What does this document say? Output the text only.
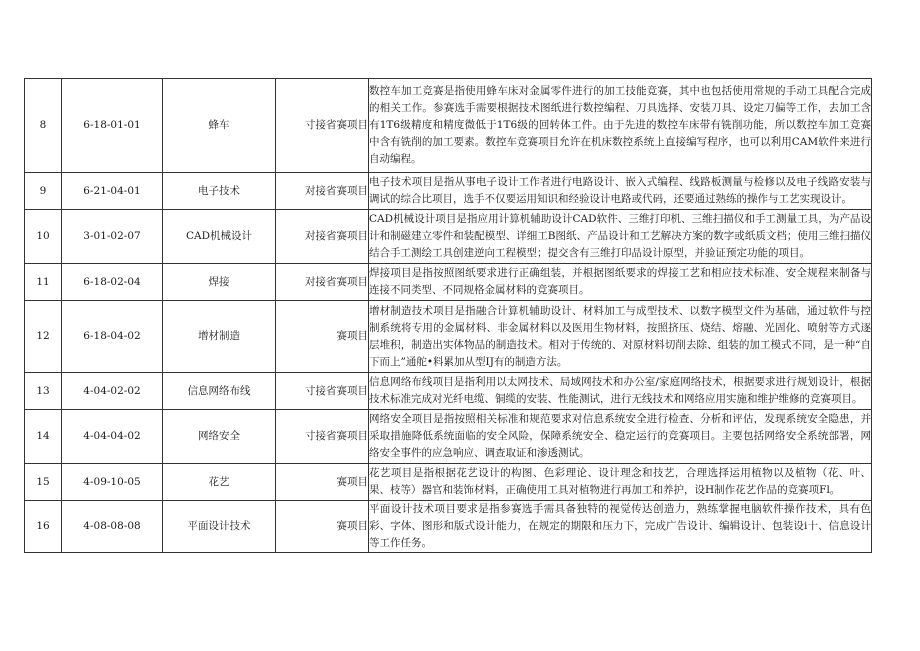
8	6-18-01-01	蜂车	寸接省赛项目	数控车加工竞赛是指使用蜂车床对金属零件进行的加工技能竞赛，其中也包括使用常规的手动工具配合完成的相关工作。参赛选手需要根据技术图纸进行数控编程、刀具选择、安装刀具、设定刀偏等工作，去加工含有1T6级精度和精度微低于1T6级的回转体工件。由于先进的数控车床带有铣削功能，所以数控车加工竞赛中含有铣削的加工要素。数控车竞赛项目允许在机床数控系统上直接编写程序，也可以利用CAM软件来进行自动编程。
9	6-21-04-01	电子技术	对接省赛项目	电子技术项目是指从事电子设计工作者进行电路设计、嵌入式编程、线路板测量与检修以及电子线路安装与调试的综合比项目，选手不仅要运用知识和经验设计电路或代码，还要通过熟练的操作与工艺实现设计。
10	3-01-02-07	CAD机械设计	对接省赛项目	CAD机械设计项目是指应用计算机辅助设计CAD软件、三维打印机、三维扫描仪和手工测量工具，为产品设计和制磁建立零件和装配模型、详细工B图纸、产品设计和工艺解决方案的数字或纸质文档；使用三维扫描仪结合手工测绘工具创建逆向工程模型；提交含有三维打印品设计原型，并验证预定功能的项目。
11	6-18-02-04	焊接	对接省赛项目	焊接项目是指按照图纸要求进行正确组装，并根据图纸要求的焊接工艺和相应技术标准、安全规程来制备与连接不同类型、不同规格金属材料的竞赛项目。
12	6-18-04-02	增材制造	赛项目	增材制造技术项目是指融合计算机辅助设计、材料加工与成型技术、以数字模型文件为基础，通过软件与控制系统将专用的金属材料、非金属材料以及医用生物材料，按照挤压、烧结、熔融、光固化、喷射等方式逐层堆积，制造出实体物品的制造技术。相对于传统的、对原材料切削去除、组装的加工模式不同，是一种“自下而上”通舵•料累加从型IJ有的制造方法。
13	4-04-02-02	信息网络布线	寸接省赛项目	信息网络布线项目是指利用以太网技术、局域网技术和办公室/家庭网络技术，根据要求进行规划设计，根据技术标准完成对光纤电缆、铜缆的安装、性能测试，进行无线技术和网络应用实施和维护维修的竞赛项目。
14	4-04-04-02	网络安全	寸接省赛项目	网络安全项目是指按照相关标准和规范要求对信息系统安全进行检查、分析和评估，发现系统安全隐患，并采取措施降低系统面临的安全风险，保障系统安全、稳定运行的竞赛项目。主要包括网络安全系统部署，网络安全事件的应急响应、调查取证和渗透测试。
15	4-09-10-05	花艺	赛项目	花艺项目是指根据花艺设计的构图、色彩理论、设计理念和技艺，合理选择运用植物以及植物（花、叶、果、枝等）器官和装饰材料，正确使用工具对植物进行再加工和养护，设H制作花艺作品的竞赛项Fl。
16	4-08-08-08	平面设计技术	赛项目	平面设计技术项目要求是指参赛选手需具备独特的视觉传达创造力，熟练掌握电脑软件操作技术，具有色彩、字体、图形和版式设计能力，在规定的期限和压力下，完成广告设计、编辑设计、包装设i十、信息设计等工作任务。
